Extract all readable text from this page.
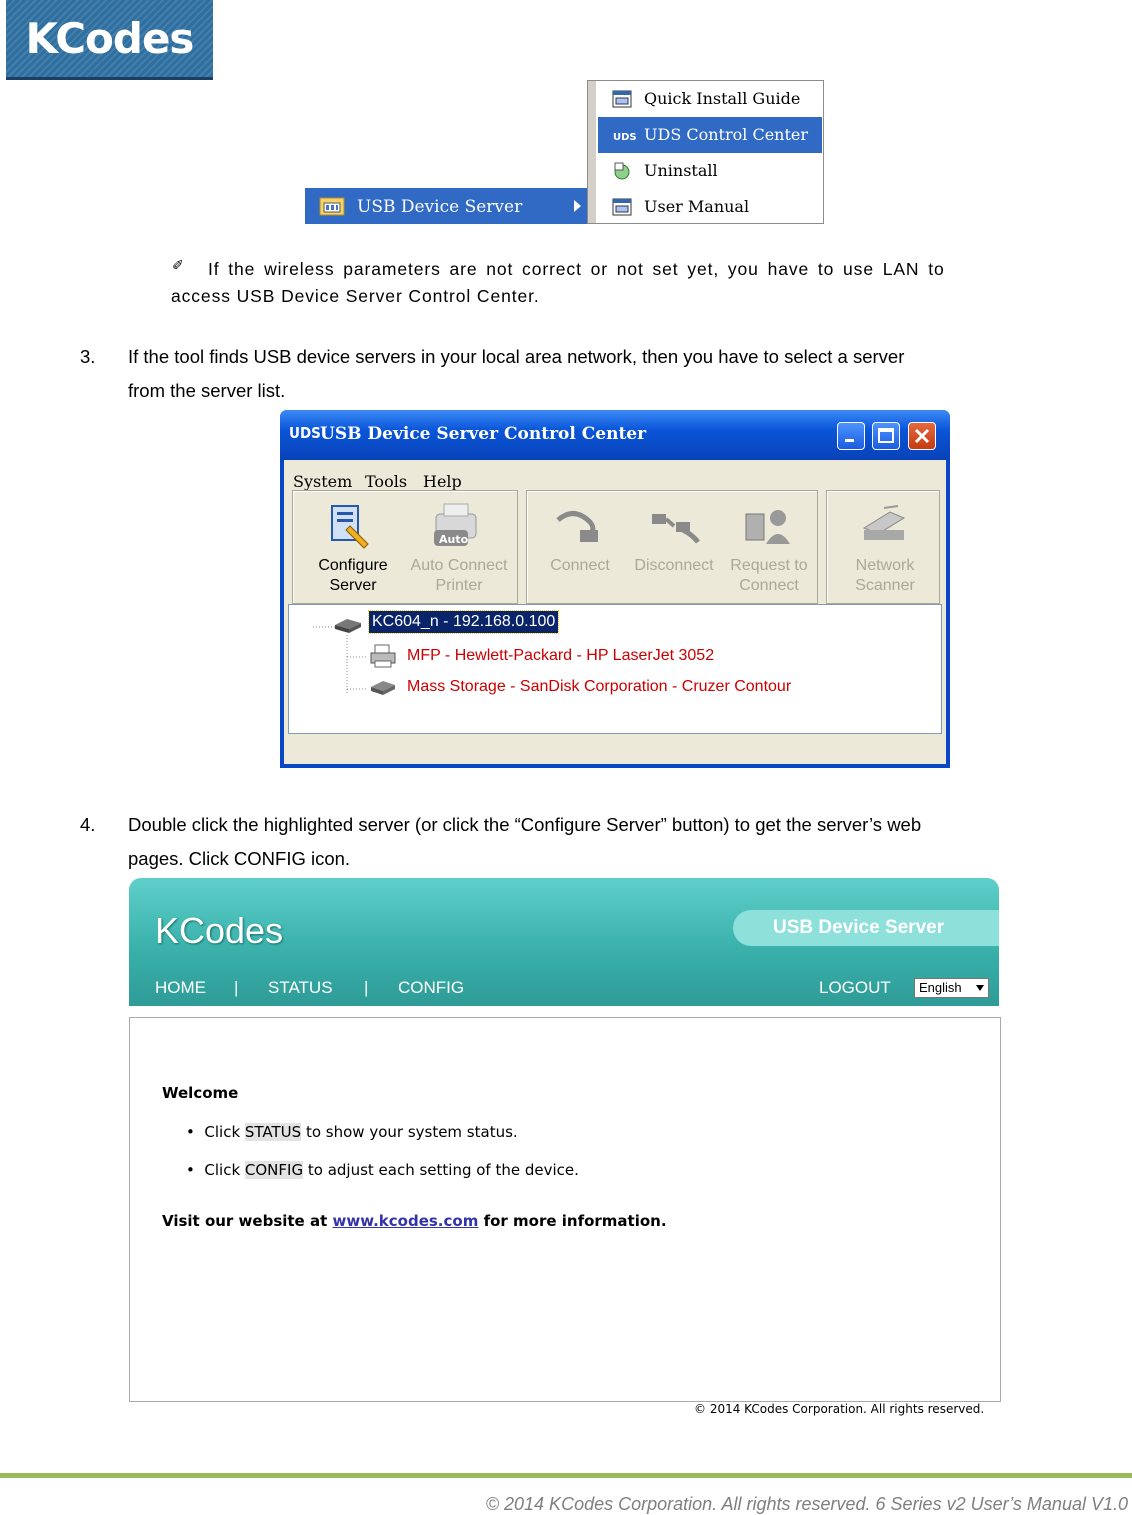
KCodes
USB Device Server
Quick Install Guide
UDS UDS Control Center
Uninstall
User Manual
✐ If the wireless parameters are not correct or not set yet, you have to use LAN to
access USB Device Server Control Center.
3. If the tool finds USB device servers in your local area network, then you have to select a server
from the server list.
UDS USB Device Server Control Center
System Tools Help
Configure
Server
Auto
Auto Connect
Printer
Connect	Disconnect	Request to
Connect
Network
Scanner
KC604_n - 192.168.0.100
MFP - Hewlett-Packard - HP LaserJet 3052
Mass Storage - SanDisk Corporation - Cruzer Contour
4. Double click the highlighted server (or click the “Configure Server” button) to get the server’s web
pages. Click CONFIG icon.
KCodes	USB Device Server
HOME | STATUS | CONFIG	LOGOUT English
Welcome
•  Click STATUS to show your system status.
•  Click CONFIG to adjust each setting of the device.
Visit our website at www.kcodes.com for more information.
© 2014 KCodes Corporation. All rights reserved.
© 2014 KCodes Corporation. All rights reserved. 6 Series v2 User’s Manual V1.0
